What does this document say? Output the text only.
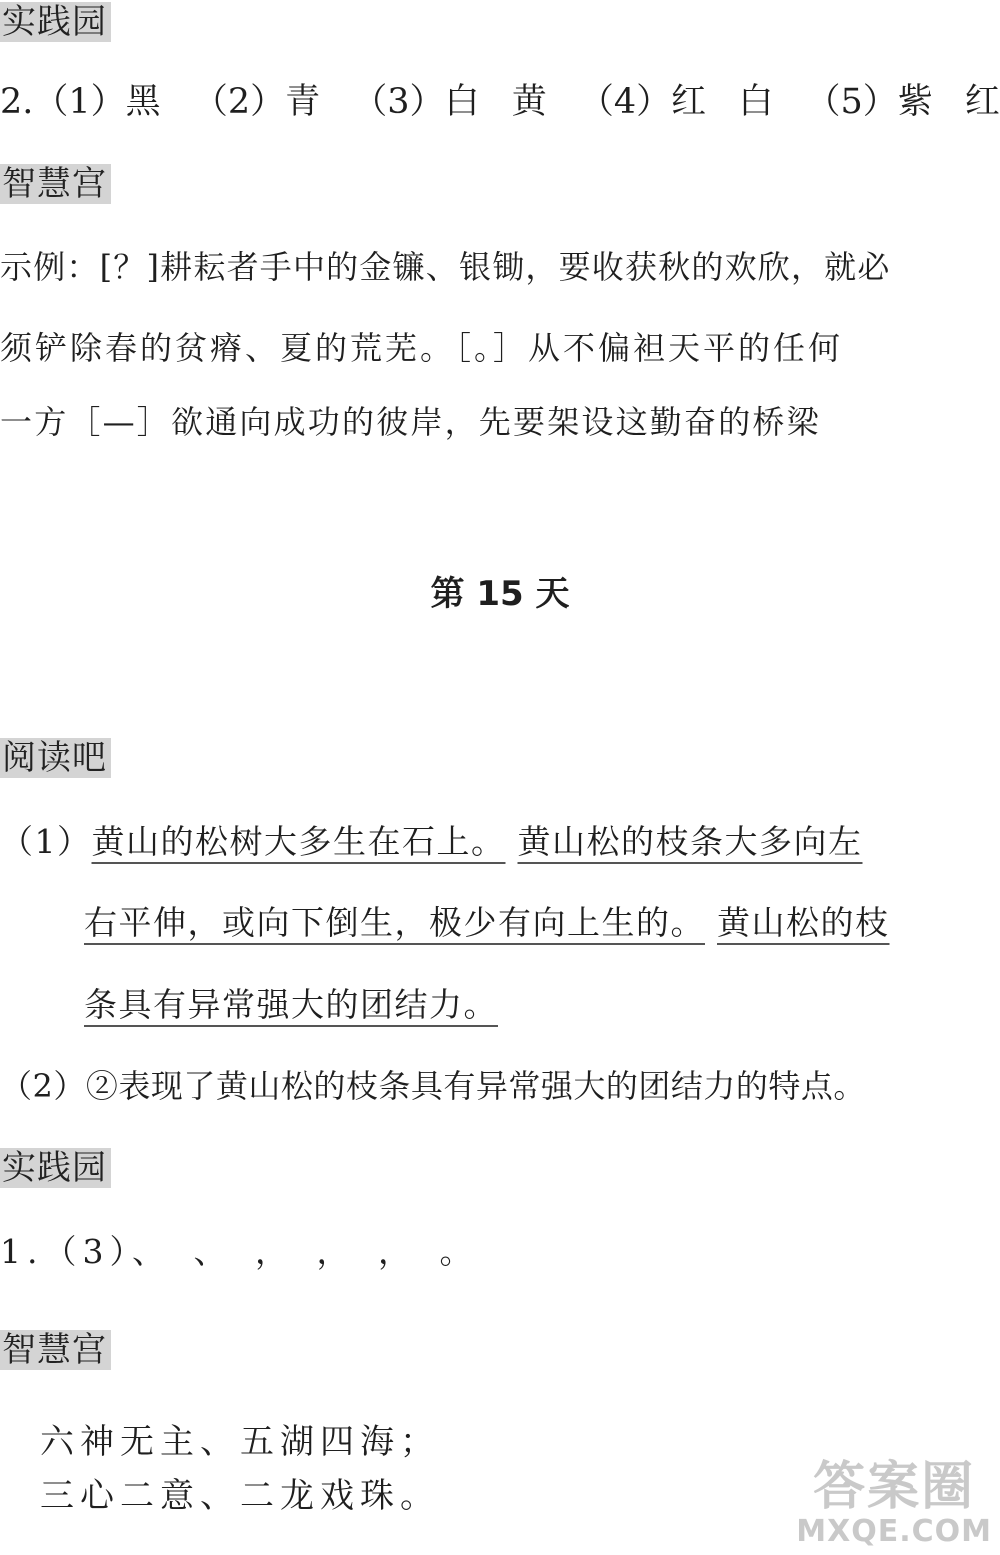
实践园
2.（1）黑 （2）青 （3）白 黄 （4）红 白 （5）紫 红
智慧宫
示例：[？]耕耘者手中的金镰、银锄，要收获秋的欢欣，就必
须铲除春的贫瘠、夏的荒芜。［。］从不偏袒天平的任何
一方［—］欲通向成功的彼岸，先要架设这勤奋的桥梁
第 15 天
阅读吧
（1）黄山的松树大多生在石上。 黄山松的枝条大多向左
右平伸，或向下倒生，极少有向上生的。 黄山松的枝
条具有异常强大的团结力。
（2）②表现了黄山松的枝条具有异常强大的团结力的特点。
实践园
1.（3）、　、　，　，　，　。
智慧宫
六神无主、五湖四海；
三心二意、二龙戏珠。	答案圈
MXQE.COM
